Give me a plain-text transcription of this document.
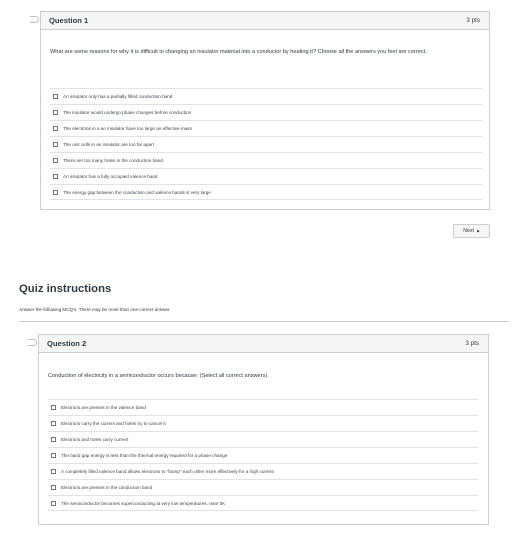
Question 1	3 pts
What are some reasons for why it is difficult in changing an insulator material into a conductor by heating it? Choose all the answers you feel are correct.
An insulator only has a partially filled conduction band
The insulator would undergo phase changes before conduction
The electrons in a an insulator have too large an effective mass
The unit cells in an insulator are too far apart
There are too many holes in the conduction band
An insulator has a fully occupied valence band
The energy gap between the conduction and valence bands is very large
Next ▶
Quiz instructions
Answer the following MCQ's. There may be more than one correct answer.
Question 2	3 pts
Conduction of electricity in a semiconductor occurs because: (Select all correct answers)
Electrons are present in the valence band
Electrons carry the current and holes try to cancel it
Electrons and holes carry current
The band gap energy is less than the thermal energy required for a phase change
A completely filled valence band allows electrons to "bump" each other more effectively for a high current
Electrons are present in the conduction band
The semiconductor becomes superconducting at very low temperatures, near 0K
